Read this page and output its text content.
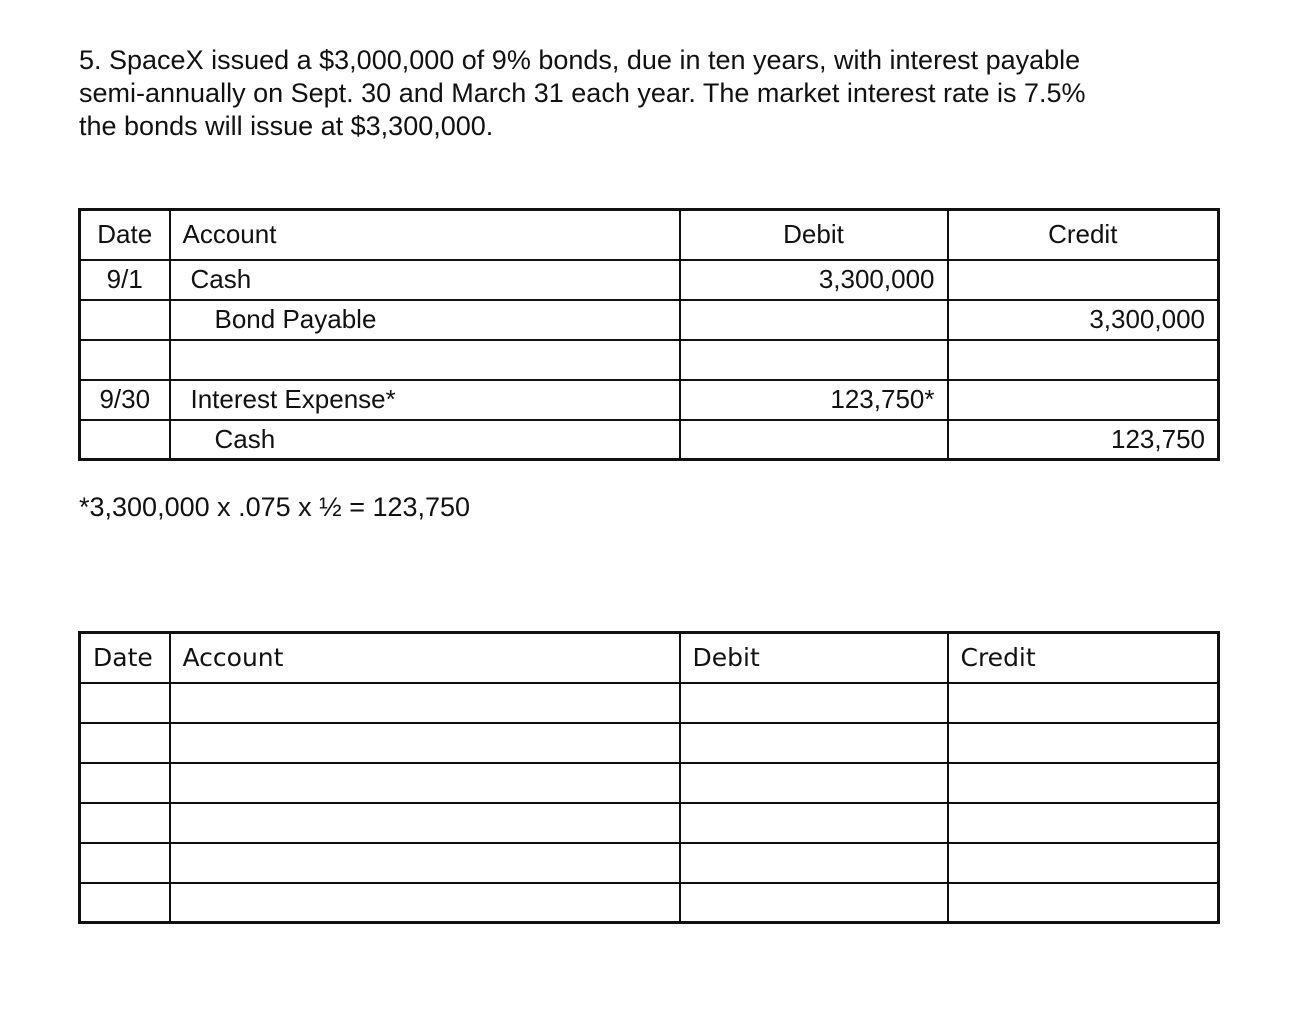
5. SpaceX issued a $3,000,000 of 9% bonds, due in ten years, with interest payable
semi-annually on Sept. 30 and March 31 each year. The market interest rate is 7.5%
the bonds will issue at $3,300,000.
Date	Account	Debit	Credit
9/1	Cash	3,300,000	
	Bond Payable		3,300,000

9/30	Interest Expense*	123,750*	
	Cash		123,750
*3,300,000 x .075 x ½ = 123,750
Date	Account	Debit	Credit
